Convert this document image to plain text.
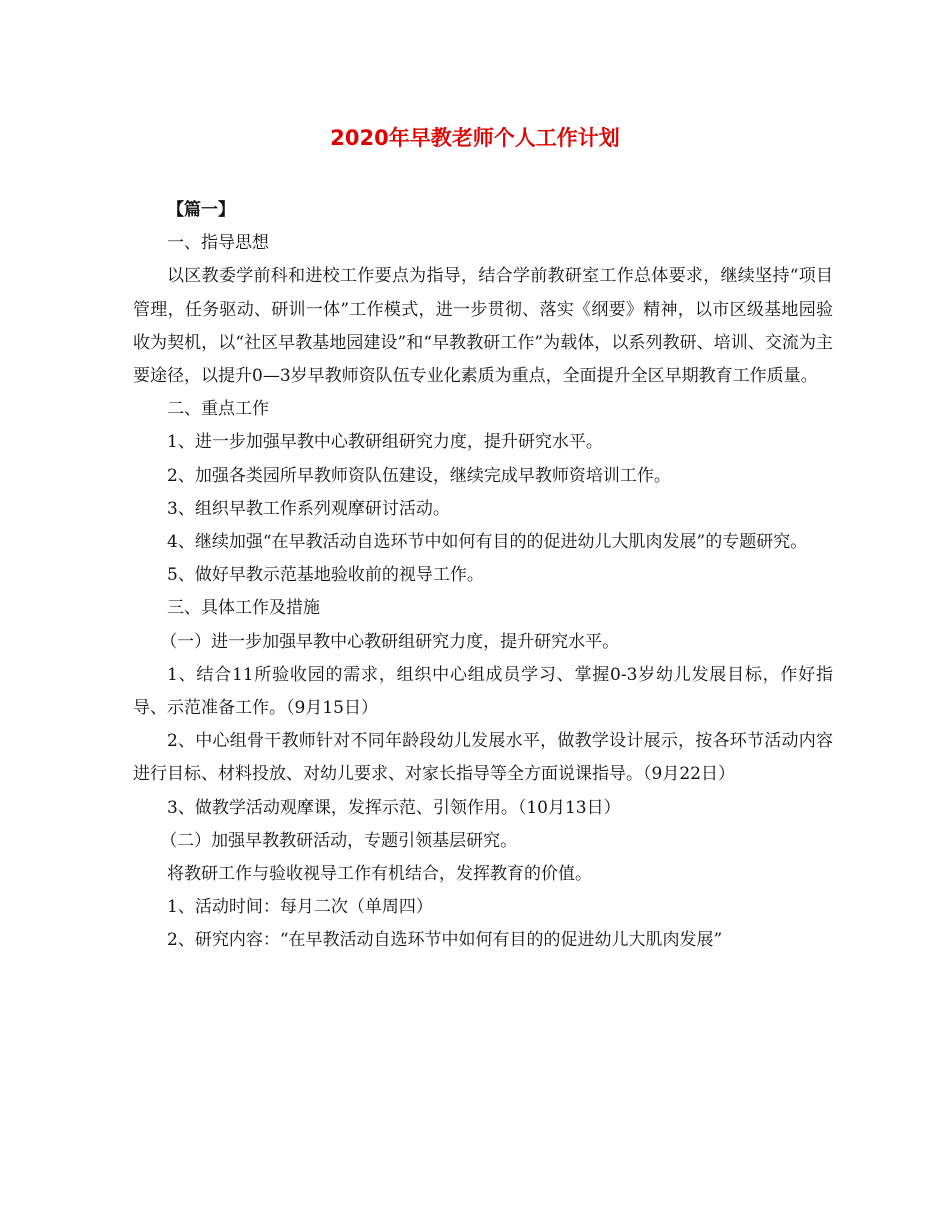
2020年早教老师个人工作计划

【篇一】

一、指导思想

以区教委学前科和进校工作要点为指导，结合学前教研室工作总体要求，继续坚持“项目管理，任务驱动、研训一体”工作模式，进一步贯彻、落实《纲要》精神，以市区级基地园验收为契机，以“社区早教基地园建设”和“早教教研工作”为载体，以系列教研、培训、交流为主要途径，以提升0—3岁早教师资队伍专业化素质为重点，全面提升全区早期教育工作质量。

二、重点工作

1、进一步加强早教中心教研组研究力度，提升研究水平。

2、加强各类园所早教师资队伍建设，继续完成早教师资培训工作。

3、组织早教工作系列观摩研讨活动。

4、继续加强“在早教活动自选环节中如何有目的的促进幼儿大肌肉发展”的专题研究。

5、做好早教示范基地验收前的视导工作。

三、具体工作及措施

（一）进一步加强早教中心教研组研究力度，提升研究水平。

1、结合11所验收园的需求，组织中心组成员学习、掌握0-3岁幼儿发展目标，作好指导、示范准备工作。（9月15日）

2、中心组骨干教师针对不同年龄段幼儿发展水平，做教学设计展示，按各环节活动内容进行目标、材料投放、对幼儿要求、对家长指导等全方面说课指导。（9月22日）

3、做教学活动观摩课，发挥示范、引领作用。（10月13日）

（二）加强早教教研活动，专题引领基层研究。

将教研工作与验收视导工作有机结合，发挥教育的价值。

1、活动时间：每月二次（单周四）

2、研究内容：“在早教活动自选环节中如何有目的的促进幼儿大肌肉发展”
